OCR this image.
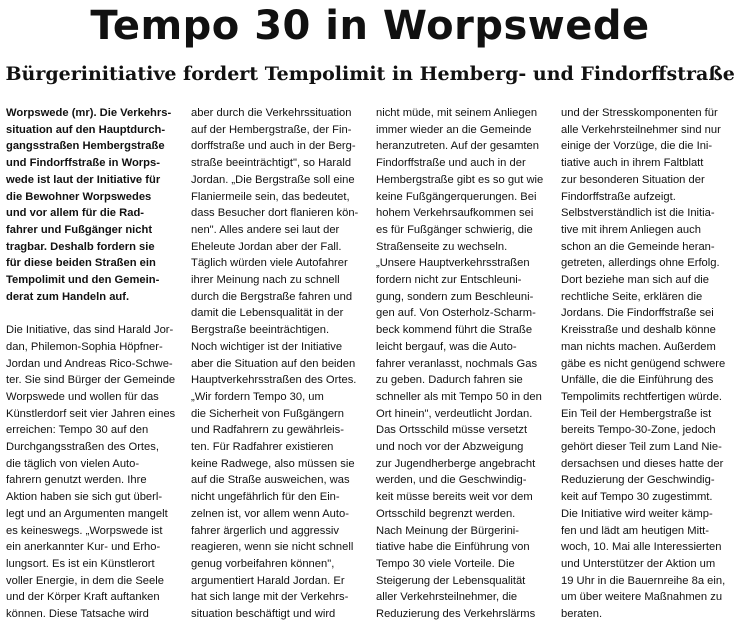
Tempo 30 in Worpswede
Bürgerinitiative fordert Tempolimit in Hemberg- und Findorffstraße
Worpswede (mr). Die Verkehrs-
situation auf den Hauptdurch-
gangsstraßen Hembergstraße
und Findorffstraße in Worps-
wede ist laut der Initiative für
die Bewohner Worpswedes
und vor allem für die Rad-
fahrer und Fußgänger nicht
tragbar. Deshalb fordern sie
für diese beiden Straßen ein
Tempolimit und den Gemein-
derat zum Handeln auf.
Die Initiative, das sind Harald Jor-
dan, Philemon-Sophia Höpfner-
Jordan und Andreas Rico-Schwe-
ter. Sie sind Bürger der Gemeinde
Worpswede und wollen für das
Künstlerdorf seit vier Jahren eines
erreichen: Tempo 30 auf den
Durchgangsstraßen des Ortes,
die täglich von vielen Auto-
fahrern genutzt werden. Ihre
Aktion haben sie sich gut überl-
legt und an Argumenten mangelt
es keineswegs. „Worpswede ist
ein anerkannter Kur- und Erho-
lungsort. Es ist ein Künstlerort
voller Energie, in dem die Seele
und der Körper Kraft auftanken
können. Diese Tatsache wird
aber durch die Verkehrssituation
auf der Hembergstraße, der Fin-
dorffstraße und auch in der Berg-
straße beeinträchtigt", so Harald
Jordan. „Die Bergstraße soll eine
Flaniermeile sein, das bedeutet,
dass Besucher dort flanieren kön-
nen". Alles andere sei laut der
Eheleute Jordan aber der Fall.
Täglich würden viele Autofahrer
ihrer Meinung nach zu schnell
durch die Bergstraße fahren und
damit die Lebensqualität in der
Bergstraße beeinträchtigen.
Noch wichtiger ist der Initiative
aber die Situation auf den beiden
Hauptverkehrsstraßen des Ortes.
„Wir fordern Tempo 30, um
die Sicherheit von Fußgängern
und Radfahrern zu gewährleis-
ten. Für Radfahrer existieren
keine Radwege, also müssen sie
auf die Straße ausweichen, was
nicht ungefährlich für den Ein-
zelnen ist, vor allem wenn Auto-
fahrer ärgerlich und aggressiv
reagieren, wenn sie nicht schnell
genug vorbeifahren können",
argumentiert Harald Jordan. Er
hat sich lange mit der Verkehrs-
situation beschäftigt und wird
nicht müde, mit seinem Anliegen
immer wieder an die Gemeinde
heranzutreten. Auf der gesamten
Findorffstraße und auch in der
Hembergstraße gibt es so gut wie
keine Fußgängerquerungen. Bei
hohem Verkehrsaufkommen sei
es für Fußgänger schwierig, die
Straßenseite zu wechseln.
„Unsere Hauptverkehrsstraßen
fordern nicht zur Entschleuni-
gung, sondern zum Beschleuni-
gen auf. Von Osterholz-Scharm-
beck kommend führt die Straße
leicht bergauf, was die Auto-
fahrer veranlasst, nochmals Gas
zu geben. Dadurch fahren sie
schneller als mit Tempo 50 in den
Ort hinein", verdeutlicht Jordan.
Das Ortsschild müsse versetzt
und noch vor der Abzweigung
zur Jugendherberge angebracht
werden, und die Geschwindig-
keit müsse bereits weit vor dem
Ortsschild begrenzt werden.
Nach Meinung der Bürgerini-
tiative habe die Einführung von
Tempo 30 viele Vorteile. Die
Steigerung der Lebensqualität
aller Verkehrsteilnehmer, die
Reduzierung des Verkehrslärms
und der Stresskomponenten für
alle Verkehrsteilnehmer sind nur
einige der Vorzüge, die die Ini-
tiative auch in ihrem Faltblatt
zur besonderen Situation der
Findorffstraße aufzeigt.
Selbstverständlich ist die Initia-
tive mit ihrem Anliegen auch
schon an die Gemeinde heran-
getreten, allerdings ohne Erfolg.
Dort beziehe man sich auf die
rechtliche Seite, erklären die
Jordans. Die Findorffstraße sei
Kreisstraße und deshalb könne
man nichts machen. Außerdem
gäbe es nicht genügend schwere
Unfälle, die die Einführung des
Tempolimits rechtfertigen würde.
Ein Teil der Hembergstraße ist
bereits Tempo-30-Zone, jedoch
gehört dieser Teil zum Land Nie-
dersachsen und dieses hatte der
Reduzierung der Geschwindig-
keit auf Tempo 30 zugestimmt.
Die Initiative wird weiter kämp-
fen und lädt am heutigen Mitt-
woch, 10. Mai alle Interessierten
und Unterstützer der Aktion um
19 Uhr in die Bauernreihe 8a ein,
um über weitere Maßnahmen zu
beraten.
